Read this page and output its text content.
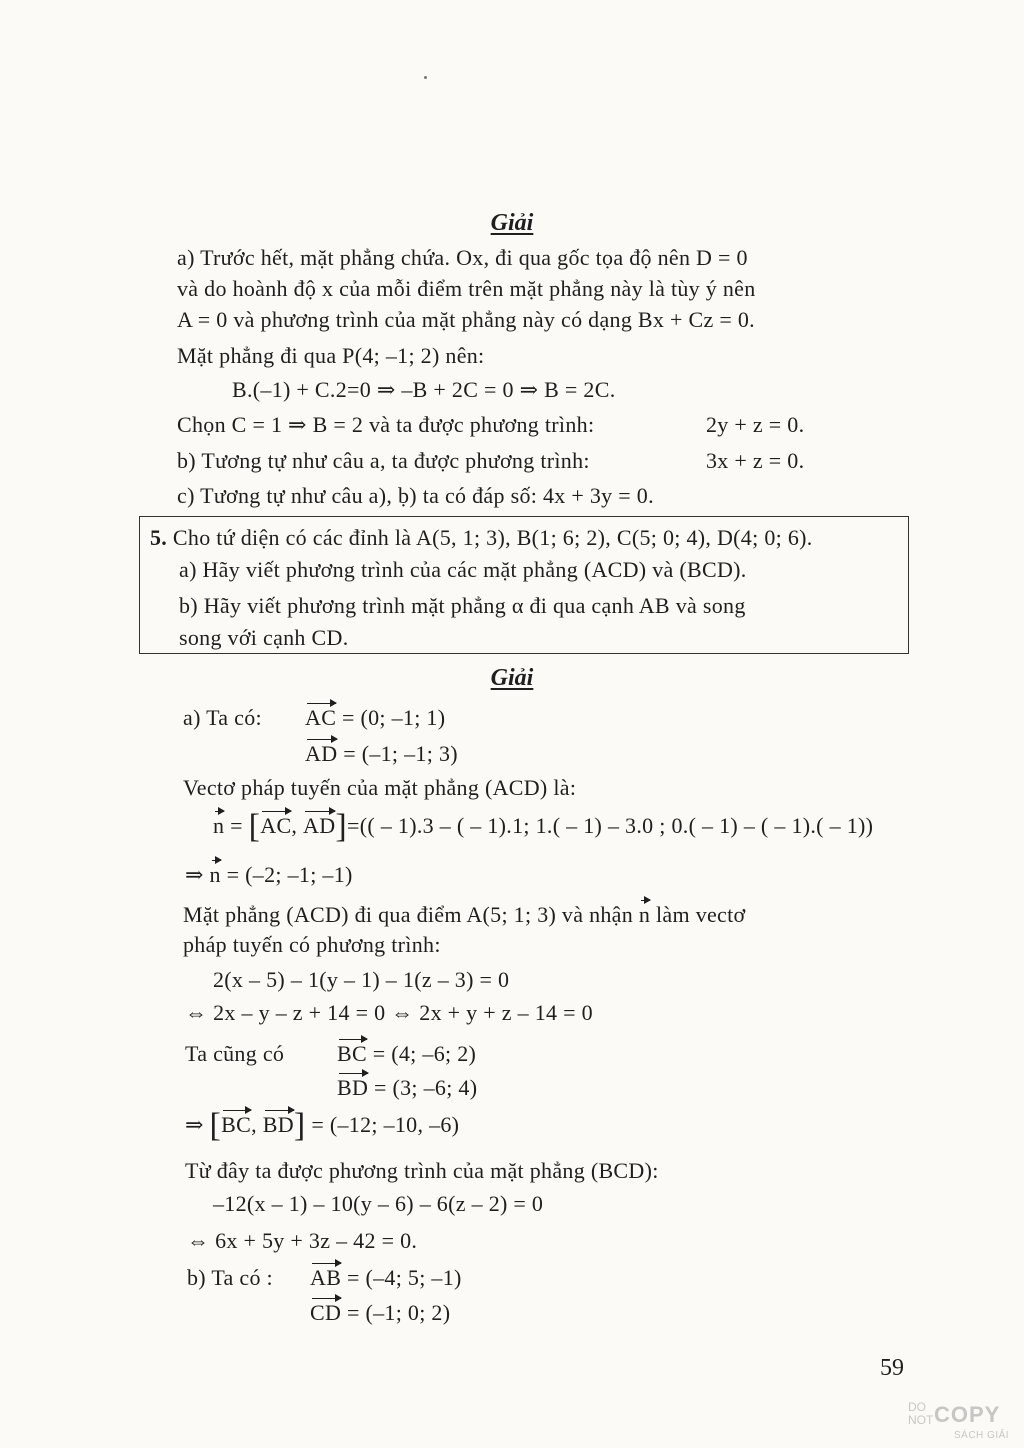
Giải
a) Trước hết, mặt phẳng chứa. Ox, đi qua gốc tọa độ nên D = 0
và do hoành độ x của mỗi điểm trên mặt phẳng này là tùy ý nên
A = 0 và phương trình của mặt phẳng này có dạng Bx + Cz = 0.
Mặt phẳng đi qua P(4; –1; 2) nên:
B.(–1) + C.2=0 ⇒ –B + 2C = 0 ⇒ B = 2C.
Chọn C = 1 ⇒ B = 2 và ta được phương trình:	2y + z = 0.
b) Tương tự như câu a, ta được phương trình:	3x + z = 0.
c) Tương tự như câu a), ḅ) ta có đáp số: 4x + 3y = 0.
5. Cho tứ diện có các đỉnh là A(5, 1; 3), B(1; 6; 2), C(5; 0; 4), D(4; 0; 6).
a) Hãy viết phương trình của các mặt phẳng (ACD) và (BCD).
b) Hãy viết phương trình mặt phẳng α đi qua cạnh AB và song
song với cạnh CD.
Giải
a) Ta có: AC = (0; –1; 1)
AD = (–1; –1; 3)
Vectơ pháp tuyến của mặt phẳng (ACD) là:
n = [AC, AD]=(( – 1).3 – ( – 1).1; 1.( – 1) – 3.0 ; 0.( – 1) – ( – 1).( – 1))
⇒ n = (–2; –1; –1)
Mặt phẳng (ACD) đi qua điểm A(5; 1; 3) và nhận n làm vectơ
pháp tuyến có phương trình:
2(x – 5) – 1(y – 1) – 1(z – 3) = 0
⇔ 2x – y – z + 14 = 0 ⇔ 2x + y + z – 14 = 0
Ta cũng có BC = (4; –6; 2)
BD = (3; –6; 4)
⇒ [BC, BD] = (–12; –10, –6)
Từ đây ta được phương trình của mặt phẳng (BCD):
–12(x – 1) – 10(y – 6) – 6(z – 2) = 0
⇔ 6x + 5y + 3z – 42 = 0.
b) Ta có : AB = (–4; 5; –1)
CD = (–1; 0; 2)
59
DO
NOT COPY
SÁCH GIẢI
